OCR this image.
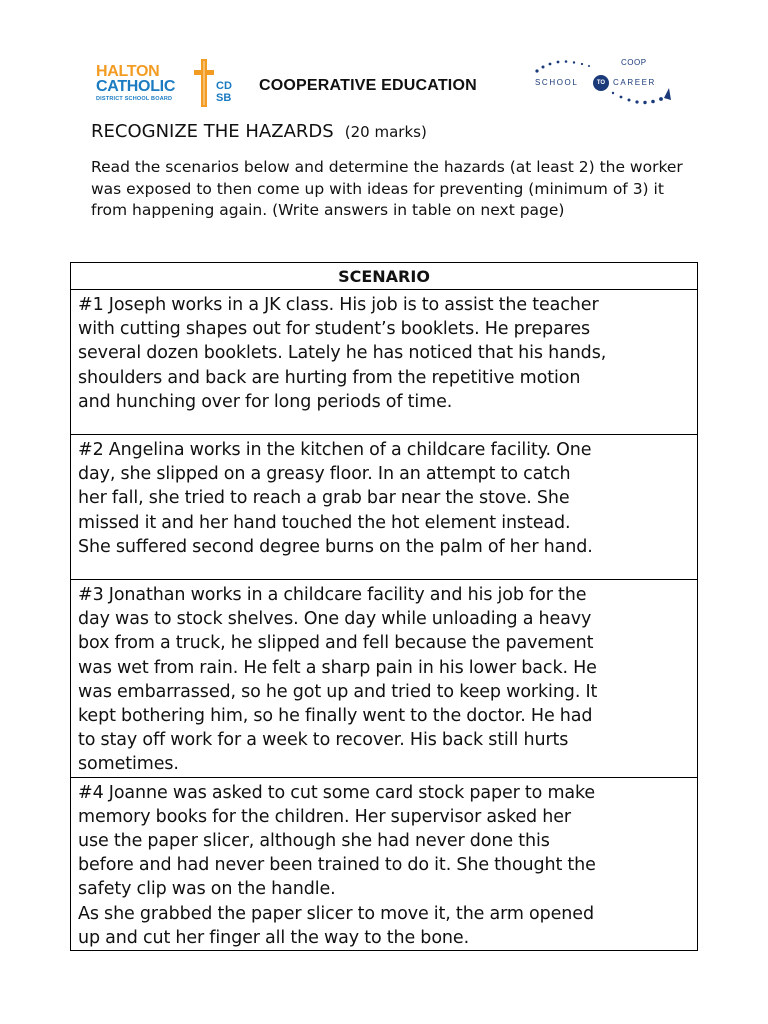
HALTON
CATHOLIC
DISTRICT SCHOOL BOARD
CD
SB
COOPERATIVE EDUCATION
COOP
SCHOOL	TO CAREER
RECOGNIZE THE HAZARDS (20 marks)
Read the scenarios below and determine the hazards (at least 2) the worker was exposed to then come up with ideas for preventing (minimum of 3) it from happening again. (Write answers in table on next page)
SCENARIO

#1 Joseph works in a JK class. His job is to assist the teacher
with cutting shapes out for student’s booklets. He prepares
several dozen booklets. Lately he has noticed that his hands,
shoulders and back are hurting from the repetitive motion
and hunching over for long periods of time.

#2 Angelina works in the kitchen of a childcare facility. One
day, she slipped on a greasy floor. In an attempt to catch
her fall, she tried to reach a grab bar near the stove. She
missed it and her hand touched the hot element instead.
She suffered second degree burns on the palm of her hand.

#3 Jonathan works in a childcare facility and his job for the
day was to stock shelves. One day while unloading a heavy
box from a truck, he slipped and fell because the pavement
was wet from rain. He felt a sharp pain in his lower back. He
was embarrassed, so he got up and tried to keep working. It
kept bothering him, so he finally went to the doctor. He had
to stay off work for a week to recover. His back still hurts
sometimes.

#4 Joanne was asked to cut some card stock paper to make
memory books for the children. Her supervisor asked her
use the paper slicer, although she had never done this
before and had never been trained to do it. She thought the
safety clip was on the handle.
As she grabbed the paper slicer to move it, the arm opened
up and cut her finger all the way to the bone.
